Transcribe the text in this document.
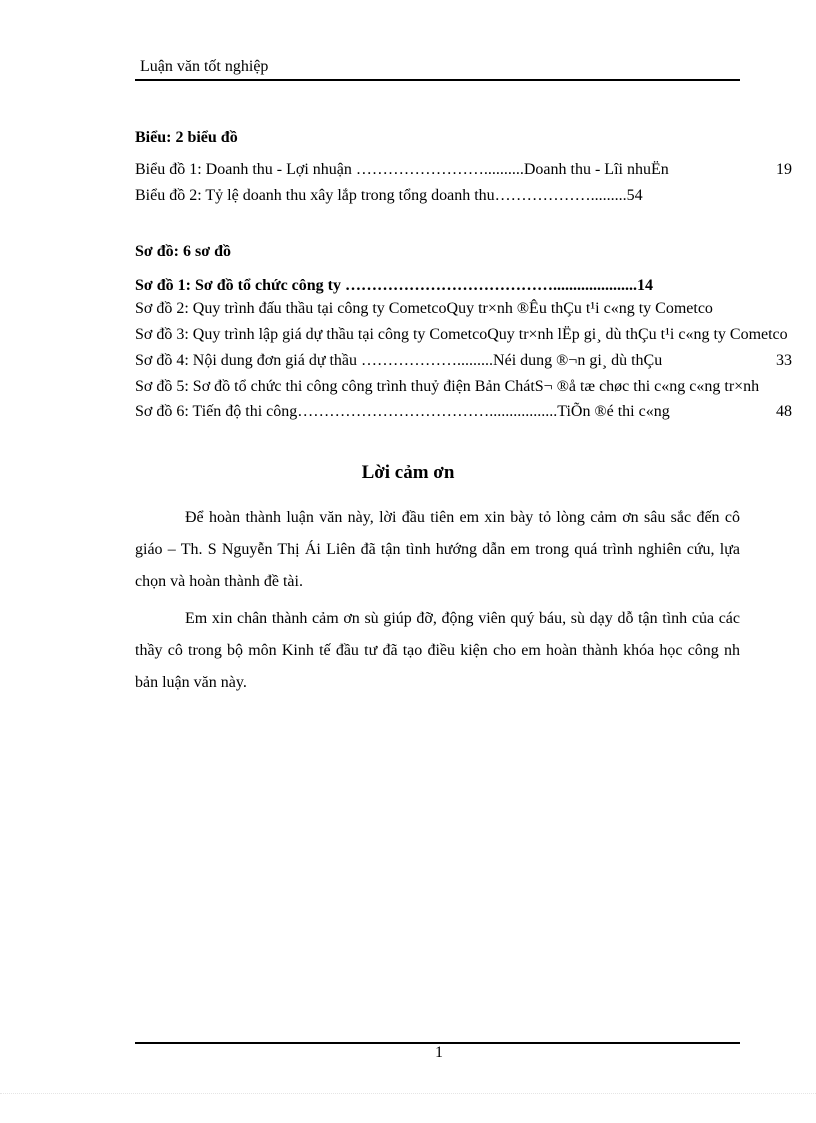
Luận văn tốt nghiệp
Biểu: 2 biểu đồ
Biểu đồ 1: Doanh thu - Lợi nhuận ……………………..........Doanh thu - Lîi nhuËn	19
Biểu đồ 2: Tỷ lệ doanh thu xây lắp trong tổng doanh thu……………….........54
Sơ đồ: 6 sơ đồ
Sơ đồ 1: Sơ đồ tổ chức công ty ………………………………….....................14
Sơ đồ 2: Quy trình đấu thầu tại công ty CometcoQuy tr×nh ®Êu thÇu t¹i c«ng ty Cometco
Sơ đồ 3: Quy trình lập giá dự thầu tại công ty CometcoQuy tr×nh lËp gi¸ dù thÇu t¹i c«ng ty Cometco
Sơ đồ 4: Nội dung đơn giá dự thầu ……………….........Néi dung ®¬n gi¸ dù thÇu	33
Sơ đồ 5: Sơ đồ tổ chức thi công công trình thuỷ điện Bản ChátS¬ ®å tæ chøc thi c«ng c«ng tr×nh
Sơ đồ 6: Tiến độ thi công……………………………….................TiÕn ®é thi c«ng	48
Lời cảm ơn

Để hoàn thành luận văn này, lời đầu tiên em xin bày tỏ lòng cảm ơn sâu sắc đến cô giáo – Th. S Nguyễn Thị Ái Liên đã tận tình hướng dẫn em trong quá trình nghiên cứu, lựa chọn và hoàn thành đề tài.

Em xin chân thành cảm ơn sù giúp đỡ, động viên quý báu, sù dạy dỗ tận tình của các thầy cô trong bộ môn Kinh tế đầu tư đã tạo điều kiện cho em hoàn thành khóa học công nh bản luận văn này.

1
